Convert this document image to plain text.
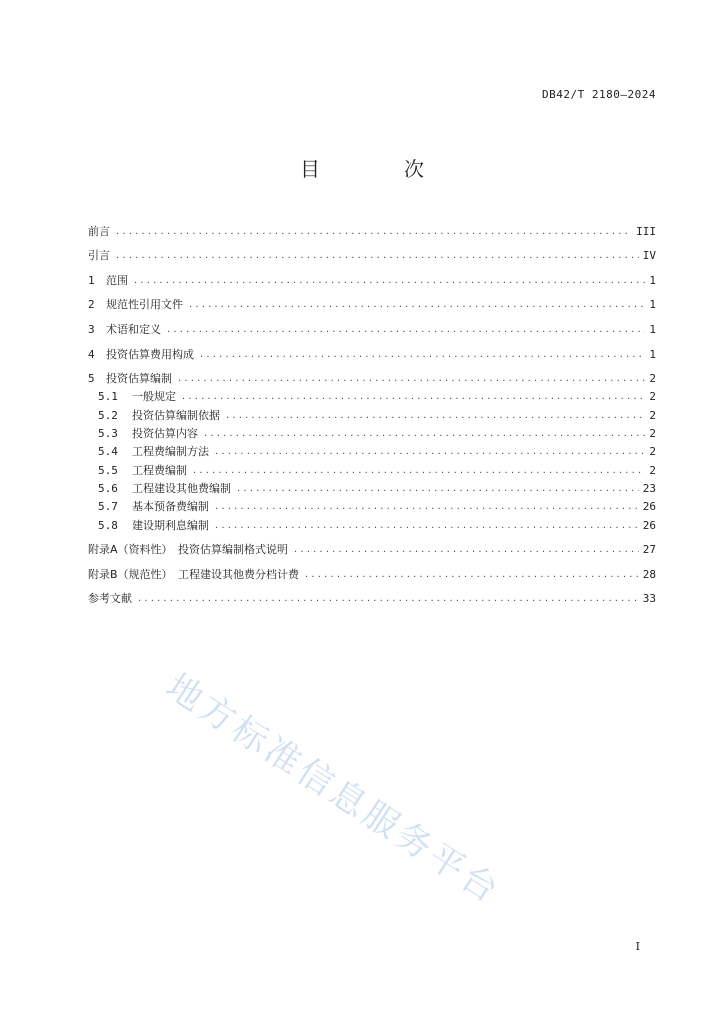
DB42/T 2180—2024
目　次
前言 . . .	III
引言 . . .	IV
1	范围 . . .	1
2	规范性引用文件 . . .	1
3	术语和定义 . . .	1
4	投资估算费用构成 . . .	1
5	投资估算编制 . . .	2
5.1	一般规定 . . .	2
5.2	投资估算编制依据 . . .	2
5.3	投资估算内容 . . .	2
5.4	工程费编制方法 . . .	2
5.5	工程费编制 . . .	2
5.6	工程建设其他费编制 . . .	23
5.7	基本预备费编制 . . .	26
5.8	建设期利息编制 . . .	26
附录A（资料性）　投资估算编制格式说明 . . .	27
附录B（规范性）　工程建设其他费分档计费 . . .	28
参考文献 . . .	33
地方标准信息服务平台
I
